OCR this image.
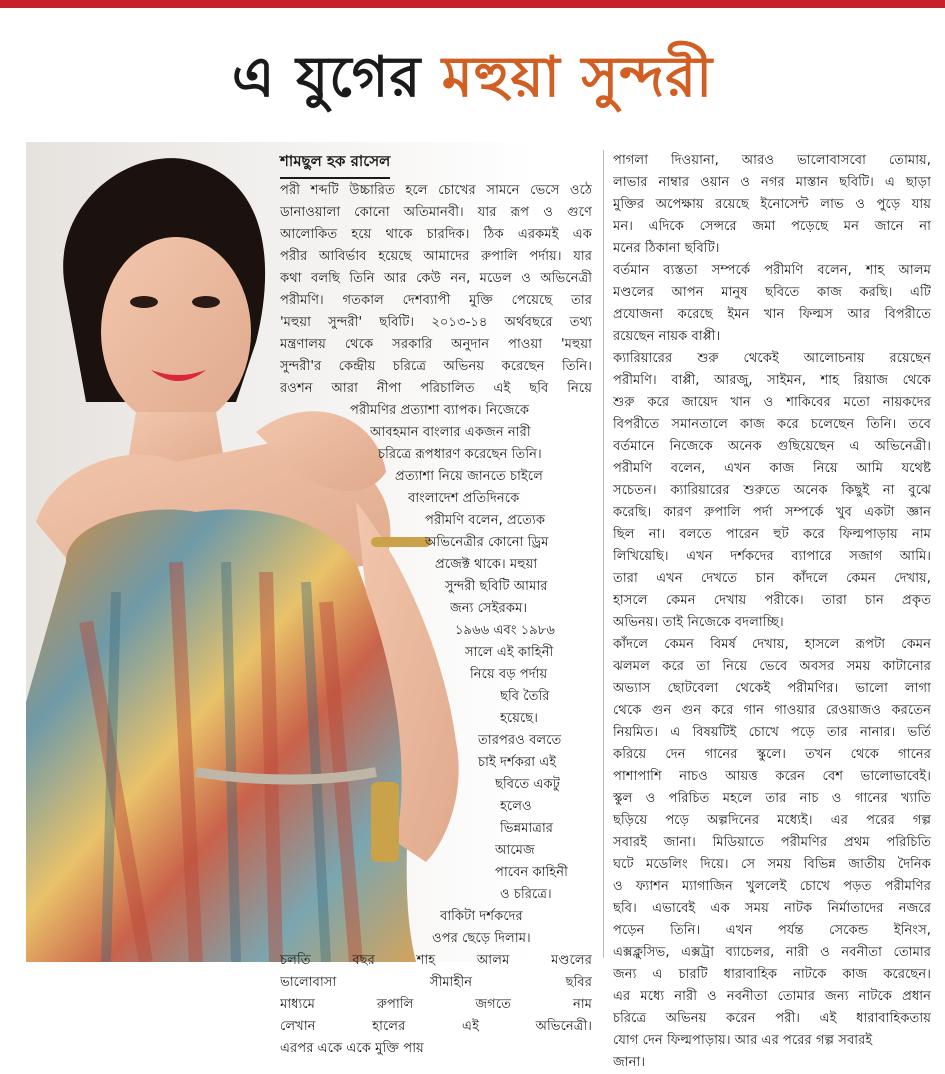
এ যুগের মহুয়া সুন্দরী
শামছুল হক রাসেল
পরী শব্দটি উচ্চারিত হলে চোখের সামনে ভেসে ওঠে
ডানাওয়ালা কোনো অতিমানবী। যার রূপ ও গুণে
আলোকিত হয়ে থাকে চারদিক। ঠিক এরকমই এক
পরীর আবির্ভাব হয়েছে আমাদের রুপালি পর্দায়। যার
কথা বলছি তিনি আর কেউ নন, মডেল ও অভিনেত্রী
পরীমণি। গতকাল দেশব্যাপী মুক্তি পেয়েছে তার
'মহুয়া সুন্দরী' ছবিটি। ২০১৩-১৪ অর্থবছরে তথ্য
মন্ত্রণালয় থেকে সরকারি অনুদান পাওয়া 'মহুয়া
সুন্দরী'র কেন্দ্রীয় চরিত্রে অভিনয় করেছেন তিনি।
রওশন আরা নীপা পরিচালিত এই ছবি নিয়ে
পরীমণির প্রত্যাশা ব্যাপক। নিজেকে
আবহমান বাংলার একজন নারী
চরিত্রে রূপধারণ করেছেন তিনি।
প্রত্যাশা নিয়ে জানতে চাইলে
বাংলাদেশ প্রতিদিনকে
পরীমণি বলেন, প্রত্যেক
অভিনেত্রীর কোনো ড্রিম
প্রজেক্ট থাকে। মহুয়া
সুন্দরী ছবিটি আমার
জন্য সেইরকম।
১৯৬৬ এবং ১৯৮৬
সালে এই কাহিনী
নিয়ে বড় পর্দায়
ছবি তৈরি
হয়েছে।
তারপরও বলতে
চাই দর্শকরা এই
ছবিতে একটু
হলেও
ভিন্নমাত্রার
আমেজ
পাবেন কাহিনী
ও চরিত্রে।
বাকিটা দর্শকদের
ওপর ছেড়ে দিলাম।
চলতি বছর শাহ আলম মণ্ডলের
ভালোবাসা সীমাহীন ছবির
মাধ্যমে রুপালি জগতে নাম
লেখান হালের এই অভিনেত্রী।
এরপর একে একে মুক্তি পায়
পাগলা দিওয়ানা, আরও ভালোবাসবো তোমায়,
লাভার নাম্বার ওয়ান ও নগর মাস্তান ছবিটি। এ ছাড়া
মুক্তির অপেক্ষায় রয়েছে ইনোসেন্ট লাভ ও পুড়ে যায়
মন। এদিকে সেন্সরে জমা পড়েছে মন জানে না
মনের ঠিকানা ছবিটি।
বর্তমান ব্যস্ততা সম্পর্কে পরীমণি বলেন, শাহ আলম
মণ্ডলের আপন মানুষ ছবিতে কাজ করছি। এটি
প্রযোজনা করেছে ইমন খান ফিল্মস আর বিপরীতে
রয়েছেন নায়ক বাপ্পী।
ক্যারিয়ারের শুরু থেকেই আলোচনায় রয়েছেন
পরীমণি। বাপ্পী, আরজু, সাইমন, শাহ রিয়াজ থেকে
শুরু করে জায়েদ খান ও শাকিবের মতো নায়কদের
বিপরীতে সমানতালে কাজ করে চলেছেন তিনি। তবে
বর্তমানে নিজেকে অনেক গুছিয়েছেন এ অভিনেত্রী।
পরীমণি বলেন, এখন কাজ নিয়ে আমি যথেষ্ট
সচেতন। ক্যারিয়ারের শুরুতে অনেক কিছুই না বুঝে
করেছি। কারণ রুপালি পর্দা সম্পর্কে খুব একটা জ্ঞান
ছিল না। বলতে পারেন হুট করে ফিল্মপাড়ায় নাম
লিখিয়েছি। এখন দর্শকদের ব্যাপারে সজাগ আমি।
তারা এখন দেখতে চান কাঁদলে কেমন দেখায়,
হাসলে কেমন দেখায় পরীকে। তারা চান প্রকৃত
অভিনয়। তাই নিজেকে বদলাচ্ছি।
কাঁদলে কেমন বিমর্ষ দেখায়, হাসলে রূপটা কেমন
ঝলমল করে তা নিয়ে ভেবে অবসর সময় কাটানোর
অভ্যাস ছোটবেলা থেকেই পরীমণির। ভালো লাগা
থেকে গুন গুন করে গান গাওয়ার রেওয়াজও করতেন
নিয়মিত। এ বিষয়টিই চোখে পড়ে তার নানার। ভর্তি
করিয়ে দেন গানের স্কুলে। তখন থেকে গানের
পাশাপাশি নাচও আয়ত্ত করেন বেশ ভালোভাবেই।
স্কুল ও পরিচিত মহলে তার নাচ ও গানের খ্যাতি
ছড়িয়ে পড়ে অল্পদিনের মধ্যেই। এর পরের গল্প
সবারই জানা। মিডিয়াতে পরীমণির প্রথম পরিচিতি
ঘটে মডেলিং দিয়ে। সে সময় বিভিন্ন জাতীয় দৈনিক
ও ফ্যাশন ম্যাগাজিন খুললেই চোখে পড়ত পরীমণির
ছবি। এভাবেই এক সময় নাটক নির্মাতাদের নজরে
পড়েন তিনি। এখন পর্যন্ত সেকেন্ড ইনিংস,
এক্সক্লুসিভ, এক্সট্রা ব্যাচেলর, নারী ও নবনীতা তোমার
জন্য এ চারটি ধারাবাহিক নাটকে কাজ করেছেন।
এর মধ্যে নারী ও নবনীতা তোমার জন্য নাটকে প্রধান
চরিত্রে অভিনয় করেন পরী। এই ধারাবাহিকতায়
যোগ দেন ফিল্মপাড়ায়। আর এর পরের গল্প সবারই
জানা।
